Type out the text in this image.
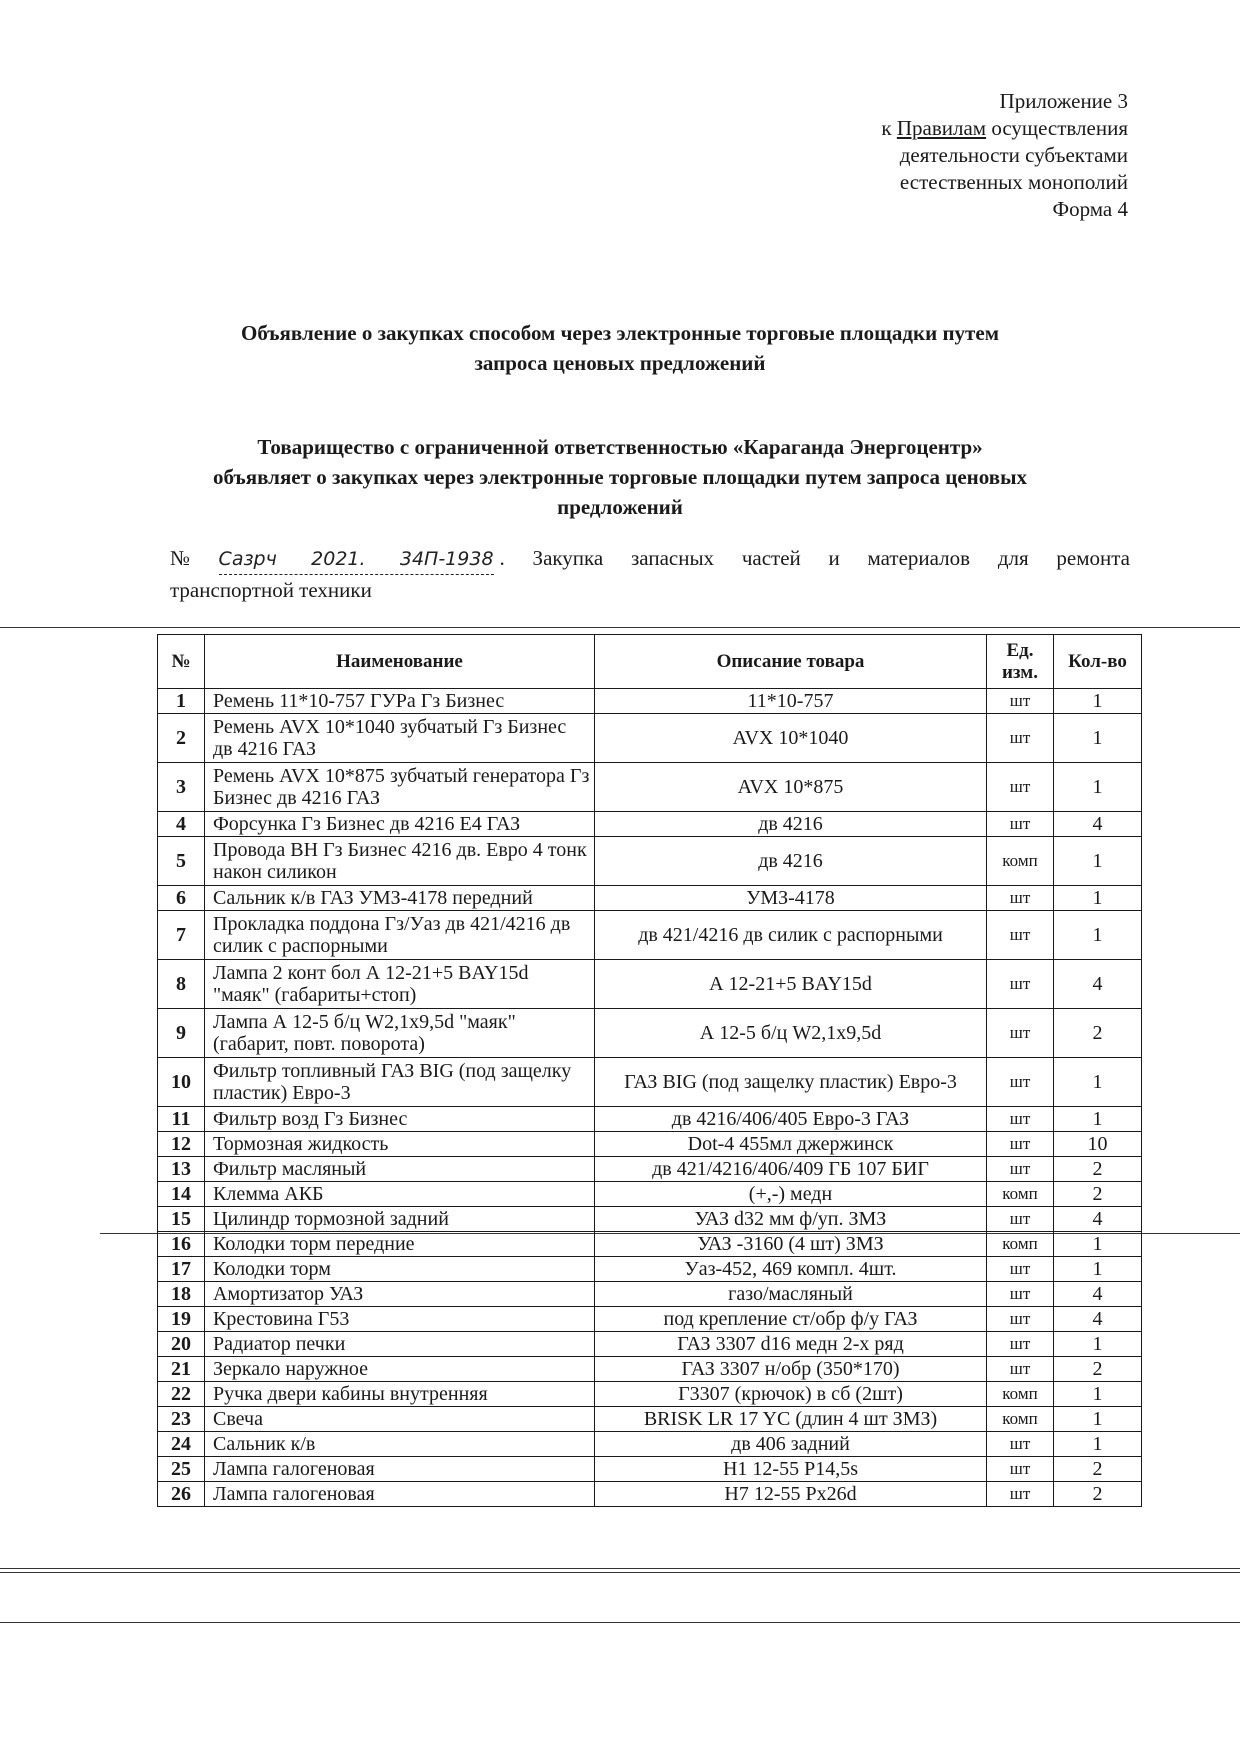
Приложение 3
к Правилам осуществления
деятельности субъектами
естественных монополий
Форма 4
Объявление о закупках способом через электронные торговые площадки путем
запроса ценовых предложений
Товарищество с ограниченной ответственностью «Караганда Энергоцентр»
объявляет о закупках через электронные торговые площадки путем запроса ценовых
предложений
№ Сазрч 2021. 34П-1938 . Закупка запасных частей и материалов для ремонта
транспортной техники
№	Наименование	Описание товара	Ед. изм.	Кол-во
1	Ремень 11*10-757 ГУРа Гз Бизнес	11*10-757	шт	1
2	Ремень AVX 10*1040 зубчатый Гз Бизнес дв 4216 ГАЗ	AVX 10*1040	шт	1
3	Ремень AVX 10*875 зубчатый генератора Гз Бизнес дв 4216 ГАЗ	AVX 10*875	шт	1
4	Форсунка Гз Бизнес дв 4216 Е4 ГАЗ	дв 4216	шт	4
5	Провода ВН Гз Бизнес 4216 дв. Евро 4 тонк након силикон	дв 4216	комп	1
6	Сальник к/в ГАЗ УМЗ-4178 передний	УМЗ-4178	шт	1
7	Прокладка поддона Гз/Уаз дв 421/4216 дв силик с распорными	дв 421/4216 дв силик с распорными	шт	1
8	Лампа 2 конт бол А 12-21+5 BAY15d "маяк" (габариты+стоп)	А 12-21+5 BAY15d	шт	4
9	Лампа А 12-5 б/ц W2,1x9,5d "маяк" (габарит, повт. поворота)	А 12-5 б/ц W2,1x9,5d	шт	2
10	Фильтр топливный ГАЗ BIG (под защелку пластик) Евро-3	ГАЗ BIG (под защелку пластик) Евро-3	шт	1
11	Фильтр возд Гз Бизнес	дв 4216/406/405 Евро-3 ГАЗ	шт	1
12	Тормозная жидкость	Dot-4 455мл джержинск	шт	10
13	Фильтр масляный	дв 421/4216/406/409 ГБ 107 БИГ	шт	2
14	Клемма АКБ	(+,-) медн	комп	2
15	Цилиндр тормозной задний	УАЗ d32 мм ф/уп. ЗМЗ	шт	4
16	Колодки торм передние	УАЗ -3160 (4 шт) ЗМЗ	комп	1
17	Колодки торм	Уаз-452, 469 компл. 4шт.	шт	1
18	Амортизатор УАЗ	газо/масляный	шт	4
19	Крестовина Г53	под крепление ст/обр ф/у ГАЗ	шт	4
20	Радиатор печки	ГАЗ 3307 d16 медн 2-х ряд	шт	1
21	Зеркало наружное	ГАЗ 3307 н/обр (350*170)	шт	2
22	Ручка двери кабины внутренняя	Г3307 (крючок) в сб (2шт)	комп	1
23	Свеча	BRISK LR 17 YC (длин 4 шт ЗМЗ)	комп	1
24	Сальник к/в	дв 406 задний	шт	1
25	Лампа галогеновая	H1 12-55 P14,5s	шт	2
26	Лампа галогеновая	H7 12-55 Px26d	шт	2
